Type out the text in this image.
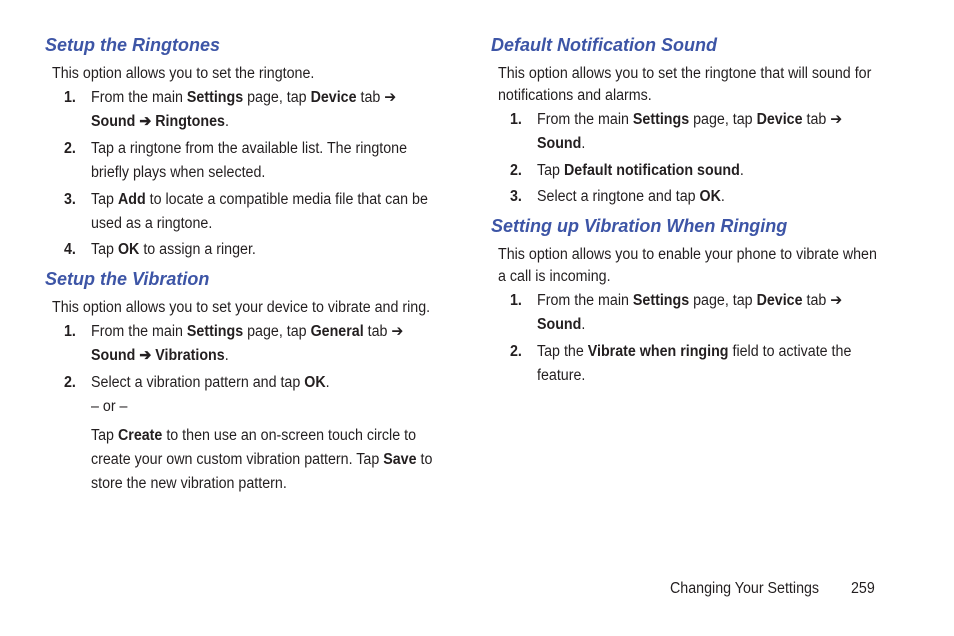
Setup the Ringtones

This option allows you to set the ringtone.

1. From the main Settings page, tap Device tab ➔
Sound ➔ Ringtones.
2. Tap a ringtone from the available list. The ringtone
briefly plays when selected.
3. Tap Add to locate a compatible media file that can be
used as a ringtone.
4. Tap OK to assign a ringer.
Setup the Vibration

This option allows you to set your device to vibrate and ring.

1. From the main Settings page, tap General tab ➔
Sound ➔ Vibrations.
2. Select a vibration pattern and tap OK.
– or –
Tap Create to then use an on-screen touch circle to
create your own custom vibration pattern. Tap Save to
store the new vibration pattern.
Default Notification Sound

This option allows you to set the ringtone that will sound for

notifications and alarms.

1. From the main Settings page, tap Device tab ➔
Sound.
2. Tap Default notification sound.
3. Select a ringtone and tap OK.
Setting up Vibration When Ringing

This option allows you to enable your phone to vibrate when

a call is incoming.

1. From the main Settings page, tap Device tab ➔
Sound.
2. Tap the Vibrate when ringing field to activate the
feature.
Changing Your Settings 259
